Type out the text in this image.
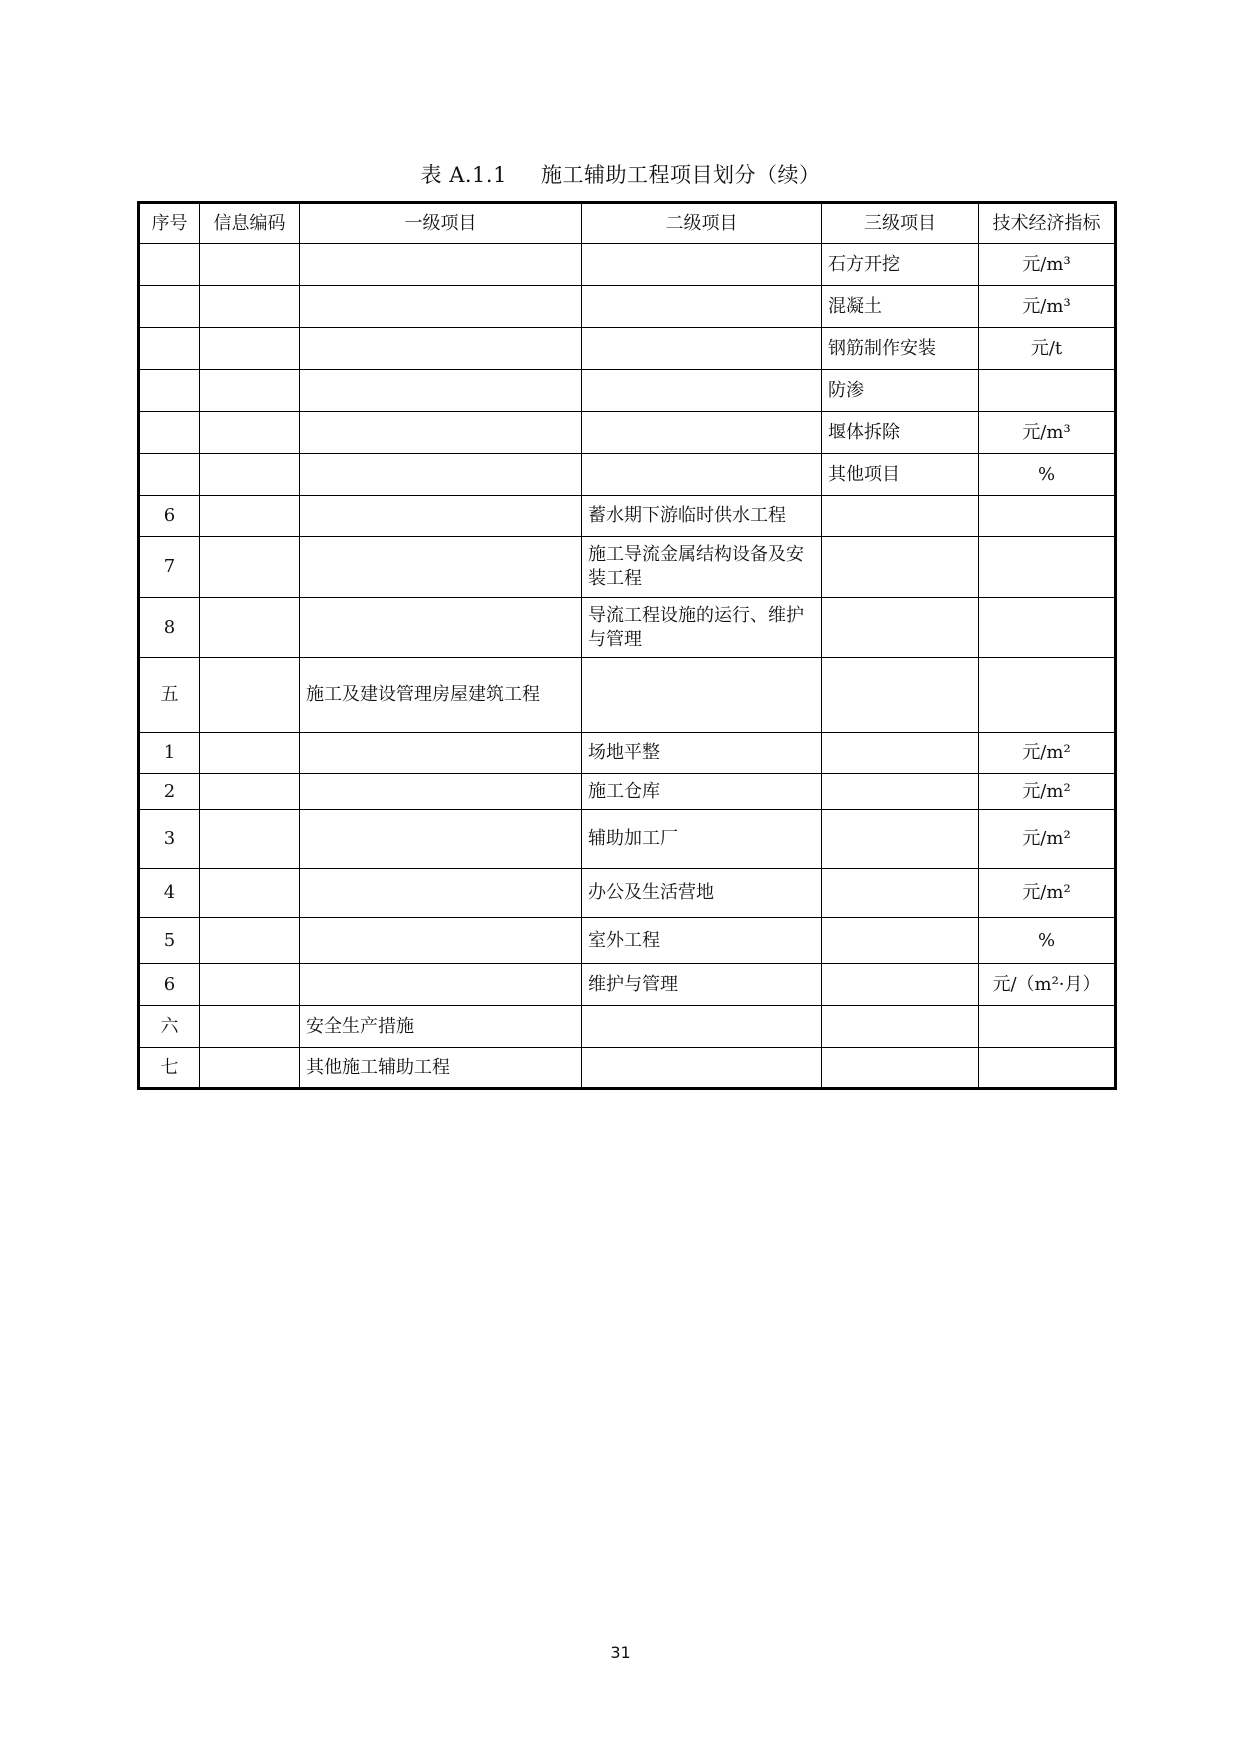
表 A.1.1 施工辅助工程项目划分（续）
序号	信息编码	一级项目	二级项目	三级项目	技术经济指标
				石方开挖	元/m³
				混凝土	元/m³
				钢筋制作安装	元/t
				防渗	
				堰体拆除	元/m³
				其他项目	%
6			蓄水期下游临时供水工程		
7			施工导流金属结构设备及安装工程		
8			导流工程设施的运行、维护与管理		
五		施工及建设管理房屋建筑工程			
1			场地平整		元/m²
2			施工仓库		元/m²
3			辅助加工厂		元/m²
4			办公及生活营地		元/m²
5			室外工程		%
6			维护与管理		元/（m²·月）
六		安全生产措施			
七		其他施工辅助工程			
31
